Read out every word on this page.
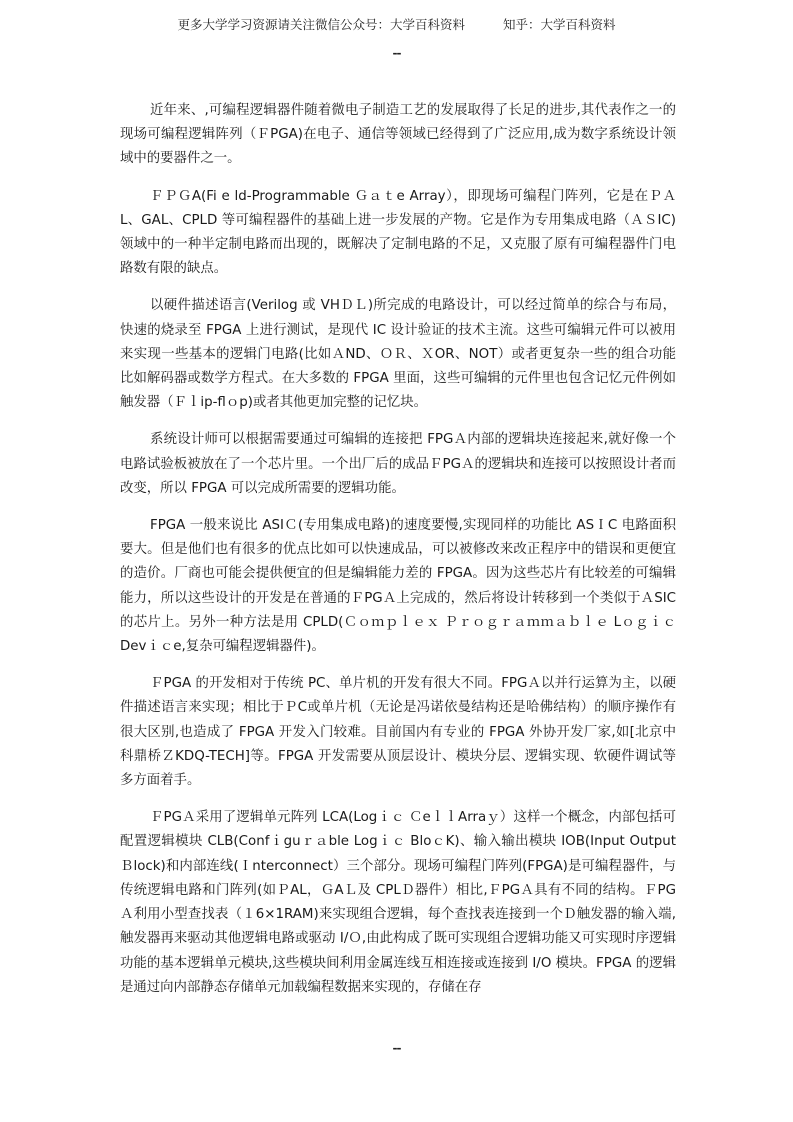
更多大学学习资源请关注微信公众号：大学百科资料	知乎：大学百科资料
--

近年来、,可编程逻辑器件随着微电子制造工艺的发展取得了长足的进步,其代表作之一的现场可编程逻辑阵列（ＦPGA)在电子、通信等领域已经得到了广泛应用,成为数字系统设计领域中的要器件之一。

ＦＰＧA(Fi e ld-Programmable Ｇａｔe Array），即现场可编程门阵列，它是在ＰＡL、GAL、CPLD 等可编程器件的基础上进一步发展的产物。它是作为专用集成电路（ＡＳIC)领域中的一种半定制电路而出现的，既解决了定制电路的不足，又克服了原有可编程器件门电路数有限的缺点。

以硬件描述语言(Verilog 或 VHＤＬ)所完成的电路设计，可以经过简单的综合与布局，快速的烧录至 FPGA 上进行测试，是现代 IC 设计验证的技术主流。这些可编辑元件可以被用来实现一些基本的逻辑门电路(比如ＡND、ＯＲ、ＸOR、NOT）或者更复杂一些的组合功能比如解码器或数学方程式。在大多数的 FPGA 里面，这些可编辑的元件里也包含记忆元件例如触发器（Ｆｌip-flｏp)或者其他更加完整的记忆块。

系统设计师可以根据需要通过可编辑的连接把 FPGＡ内部的逻辑块连接起来,就好像一个电路试验板被放在了一个芯片里。一个出厂后的成品ＦPGＡ的逻辑块和连接可以按照设计者而改变，所以 FPGA 可以完成所需要的逻辑功能。

FPGA 一般来说比 ASIＣ(专用集成电路)的速度要慢,实现同样的功能比 ASＩC 电路面积要大。但是他们也有很多的优点比如可以快速成品，可以被修改来改正程序中的错误和更便宜的造价。厂商也可能会提供便宜的但是编辑能力差的 FPGA。因为这些芯片有比较差的可编辑能力，所以这些设计的开发是在普通的ＦPGＡ上完成的，然后将设计转移到一个类似于ＡSIC的芯片上。另外一种方法是用 CPLD(Ｃｏｍｐｌｅｘ Ｐｒｏｇｒａｍｍａｂｌｅ Lｏｇｉｃ Devｉｃe,复杂可编程逻辑器件)。

ＦPGA 的开发相对于传统 PC、单片机的开发有很大不同。FPGＡ以并行运算为主，以硬件描述语言来实现；相比于ＰC或单片机（无论是冯诺依曼结构还是哈佛结构）的顺序操作有很大区别,也造成了 FPGA 开发入门较难。目前国内有专业的 FPGA 外协开发厂家,如[北京中科鼎桥ＺKDQ-TECH]等。FPGA 开发需要从顶层设计、模块分层、逻辑实现、软硬件调试等多方面着手。

ＦPGＡ采用了逻辑单元阵列 LCA(Logｉｃ ＣeｌｌArraｙ）这样一个概念，内部包括可配置逻辑模块 CLB(Confｉguｒａble Logｉｃ BloｃK)、输入输出模块 IOB(Input Output Ｂlock)和内部连线(Ｉnterconnect）三个部分。现场可编程门阵列(FPGA)是可编程器件，与传统逻辑电路和门阵列(如ＰAL，ＧAＬ及 CPLＤ器件）相比,ＦPGＡ具有不同的结构。ＦPGＡ利用小型查找表（１6×1RAM)来实现组合逻辑，每个查找表连接到一个Ｄ触发器的输入端,触发器再来驱动其他逻辑电路或驱动 I/Ｏ,由此构成了既可实现组合逻辑功能又可实现时序逻辑功能的基本逻辑单元模块,这些模块间利用金属连线互相连接或连接到 I/O 模块。FPGA 的逻辑是通过向内部静态存储单元加载编程数据来实现的，存储在存

--
